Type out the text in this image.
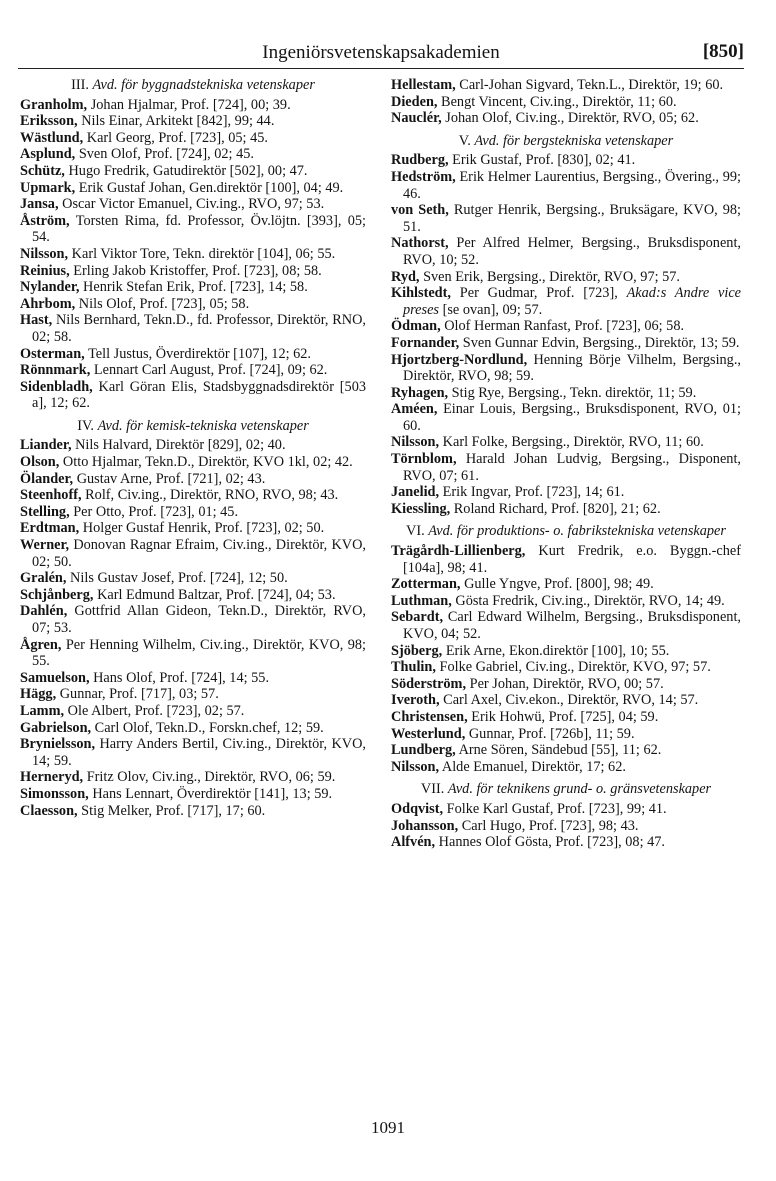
Ingeniörsvetenskapsakademien	[850]
III. Avd. för byggnadstekniska vetenskaper

Granholm, Johan Hjalmar, Prof. [724], 00; 39.

Eriksson, Nils Einar, Arkitekt [842], 99; 44.

Wästlund, Karl Georg, Prof. [723], 05; 45.

Asplund, Sven Olof, Prof. [724], 02; 45.

Schütz, Hugo Fredrik, Gatudirektör [502], 00; 47.

Upmark, Erik Gustaf Johan, Gen.direktör [100], 04; 49.

Jansa, Oscar Victor Emanuel, Civ.ing., RVO, 97; 53.

Åström, Torsten Rima, fd. Professor, Öv.löjtn. [393], 05; 54.

Nilsson, Karl Viktor Tore, Tekn. direktör [104], 06; 55.

Reinius, Erling Jakob Kristoffer, Prof. [723], 08; 58.

Nylander, Henrik Stefan Erik, Prof. [723], 14; 58.

Ahrbom, Nils Olof, Prof. [723], 05; 58.

Hast, Nils Bernhard, Tekn.D., fd. Professor, Direktör, RNO, 02; 58.

Osterman, Tell Justus, Överdirektör [107], 12; 62.

Rönnmark, Lennart Carl August, Prof. [724], 09; 62.

Sidenbladh, Karl Göran Elis, Stadsbyggnadsdirektör [503 a], 12; 62.

IV. Avd. för kemisk-tekniska vetenskaper

Liander, Nils Halvard, Direktör [829], 02; 40.

Olson, Otto Hjalmar, Tekn.D., Direktör, KVO 1kl, 02; 42.

Ölander, Gustav Arne, Prof. [721], 02; 43.

Steenhoff, Rolf, Civ.ing., Direktör, RNO, RVO, 98; 43.

Stelling, Per Otto, Prof. [723], 01; 45.

Erdtman, Holger Gustaf Henrik, Prof. [723], 02; 50.

Werner, Donovan Ragnar Efraim, Civ.ing., Direktör, KVO, 02; 50.

Gralén, Nils Gustav Josef, Prof. [724], 12; 50.

Schjånberg, Karl Edmund Baltzar, Prof. [724], 04; 53.

Dahlén, Gottfrid Allan Gideon, Tekn.D., Direktör, RVO, 07; 53.

Ågren, Per Henning Wilhelm, Civ.ing., Direktör, KVO, 98; 55.

Samuelson, Hans Olof, Prof. [724], 14; 55.

Hägg, Gunnar, Prof. [717], 03; 57.

Lamm, Ole Albert, Prof. [723], 02; 57.

Gabrielson, Carl Olof, Tekn.D., Forskn.chef, 12; 59.

Brynielsson, Harry Anders Bertil, Civ.ing., Direktör, KVO, 14; 59.

Herneryd, Fritz Olov, Civ.ing., Direktör, RVO, 06; 59.

Simonsson, Hans Lennart, Överdirektör [141], 13; 59.

Claesson, Stig Melker, Prof. [717], 17; 60.

Hellestam, Carl-Johan Sigvard, Tekn.L., Direktör, 19; 60.

Dieden, Bengt Vincent, Civ.ing., Direktör, 11; 60.

Nauclér, Johan Olof, Civ.ing., Direktör, RVO, 05; 62.

V. Avd. för bergstekniska vetenskaper

Rudberg, Erik Gustaf, Prof. [830], 02; 41.

Hedström, Erik Helmer Laurentius, Bergsing., Övering., 99; 46.

von Seth, Rutger Henrik, Bergsing., Bruksägare, KVO, 98; 51.

Nathorst, Per Alfred Helmer, Bergsing., Bruksdisponent, RVO, 10; 52.

Ryd, Sven Erik, Bergsing., Direktör, RVO, 97; 57.

Kihlstedt, Per Gudmar, Prof. [723], Akad:s Andre vice preses [se ovan], 09; 57.

Ödman, Olof Herman Ranfast, Prof. [723], 06; 58.

Fornander, Sven Gunnar Edvin, Bergsing., Direktör, 13; 59.

Hjortzberg-Nordlund, Henning Börje Vilhelm, Bergsing., Direktör, RVO, 98; 59.

Ryhagen, Stig Rye, Bergsing., Tekn. direktör, 11; 59.

Améen, Einar Louis, Bergsing., Bruksdisponent, RVO, 01; 60.

Nilsson, Karl Folke, Bergsing., Direktör, RVO, 11; 60.

Törnblom, Harald Johan Ludvig, Bergsing., Disponent, RVO, 07; 61.

Janelid, Erik Ingvar, Prof. [723], 14; 61.

Kiessling, Roland Richard, Prof. [820], 21; 62.

VI. Avd. för produktions- o. fabrikstekniska vetenskaper

Trägårdh-Lillienberg, Kurt Fredrik, e.o. Byggn.-chef [104a], 98; 41.

Zotterman, Gulle Yngve, Prof. [800], 98; 49.

Luthman, Gösta Fredrik, Civ.ing., Direktör, RVO, 14; 49.

Sebardt, Carl Edward Wilhelm, Bergsing., Bruksdisponent, KVO, 04; 52.

Sjöberg, Erik Arne, Ekon.direktör [100], 10; 55.

Thulin, Folke Gabriel, Civ.ing., Direktör, KVO, 97; 57.

Söderström, Per Johan, Direktör, RVO, 00; 57.

Iveroth, Carl Axel, Civ.ekon., Direktör, RVO, 14; 57.

Christensen, Erik Hohwü, Prof. [725], 04; 59.

Westerlund, Gunnar, Prof. [726b], 11; 59.

Lundberg, Arne Sören, Sändebud [55], 11; 62.

Nilsson, Alde Emanuel, Direktör, 17; 62.

VII. Avd. för teknikens grund- o. gränsvetenskaper

Odqvist, Folke Karl Gustaf, Prof. [723], 99; 41.

Johansson, Carl Hugo, Prof. [723], 98; 43.

Alfvén, Hannes Olof Gösta, Prof. [723], 08; 47.

1091
